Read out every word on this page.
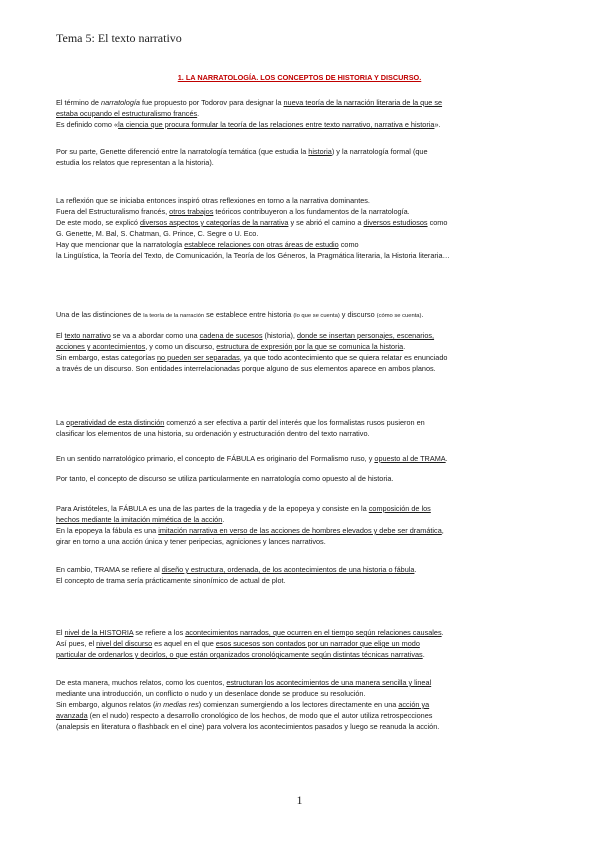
Tema 5: El texto narrativo
1. LA NARRATOLOGÍA. LOS CONCEPTOS DE HISTORIA Y DISCURSO.

El término de narratología fue propuesto por Todorov para designar la nueva teoría de la narración literaria de la que se

estaba ocupando el estructuralismo francés.

Es definido como «la ciencia que procura formular la teoría de las relaciones entre texto narrativo, narrativa e historia».

Por su parte, Genette diferenció entre la narratología temática (que estudia la historia) y la narratología formal (que

estudia los relatos que representan a la historia).

La reflexión que se iniciaba entonces inspiró otras reflexiones en torno a la narrativa dominantes.

Fuera del Estructuralismo francés, otros trabajos teóricos contribuyeron a los fundamentos de la narratología.

De este modo, se explicó diversos aspectos y categorías de la narrativa y se abrió el camino a diversos estudiosos como

G. Genette, M. Bal, S. Chatman, G. Prince, C. Segre o U. Eco.

Hay que mencionar que la narratología establece relaciones con otras áreas de estudio como

la Lingüística, la Teoría del Texto, de Comunicación, la Teoría de los Géneros, la Pragmática literaria, la Historia literaria…

Una de las distinciones de la teoría de la narración se establece entre historia (lo que se cuenta) y discurso (cómo se cuenta).

El texto narrativo se va a abordar como una cadena de sucesos (historia), donde se insertan personajes, escenarios,

acciones y acontecimientos, y como un discurso, estructura de expresión por la que se comunica la historia.

Sin embargo, estas categorías no pueden ser separadas, ya que todo acontecimiento que se quiera relatar es enunciado

a través de un discurso. Son entidades interrelacionadas porque alguno de sus elementos aparece en ambos planos.

La operatividad de esta distinción comenzó a ser efectiva a partir del interés que los formalistas rusos pusieron en

clasificar los elementos de una historia, su ordenación y estructuración dentro del texto narrativo.

En un sentido narratológico primario, el concepto de FÁBULA es originario del Formalismo ruso, y opuesto al de TRAMA.

Por tanto, el concepto de discurso se utiliza particularmente en narratología como opuesto al de historia.

Para Aristóteles, la FÁBULA es una de las partes de la tragedia y de la epopeya y consiste en la composición de los

hechos mediante la imitación mimética de la acción.

En la epopeya la fábula es una imitación narrativa en verso de las acciones de hombres elevados y debe ser dramática,

girar en torno a una acción única y tener peripecias, agniciones y lances narrativos.

En cambio, TRAMA se refiere al diseño y estructura, ordenada, de los acontecimientos de una historia o fábula.

El concepto de trama sería prácticamente sinonímico de actual de plot.

El nivel de la HISTORIA se refiere a los acontecimientos narrados, que ocurren en el tiempo según relaciones causales.

Así pues, el nivel del discurso es aquel en el que esos sucesos son contados por un narrador que elige un modo

particular de ordenarlos y decirlos, o que están organizados cronológicamente según distintas técnicas narrativas.

De esta manera, muchos relatos, como los cuentos, estructuran los acontecimientos de una manera sencilla y lineal

mediante una introducción, un conflicto o nudo y un desenlace donde se produce su resolución.

Sin embargo, algunos relatos (in medias res) comienzan sumergiendo a los lectores directamente en una acción ya

avanzada (en el nudo) respecto a desarrollo cronológico de los hechos, de modo que el autor utiliza retrospecciones

(analepsis en literatura o flashback en el cine) para volvera los acontecimientos pasados y luego se reanuda la acción.

1
